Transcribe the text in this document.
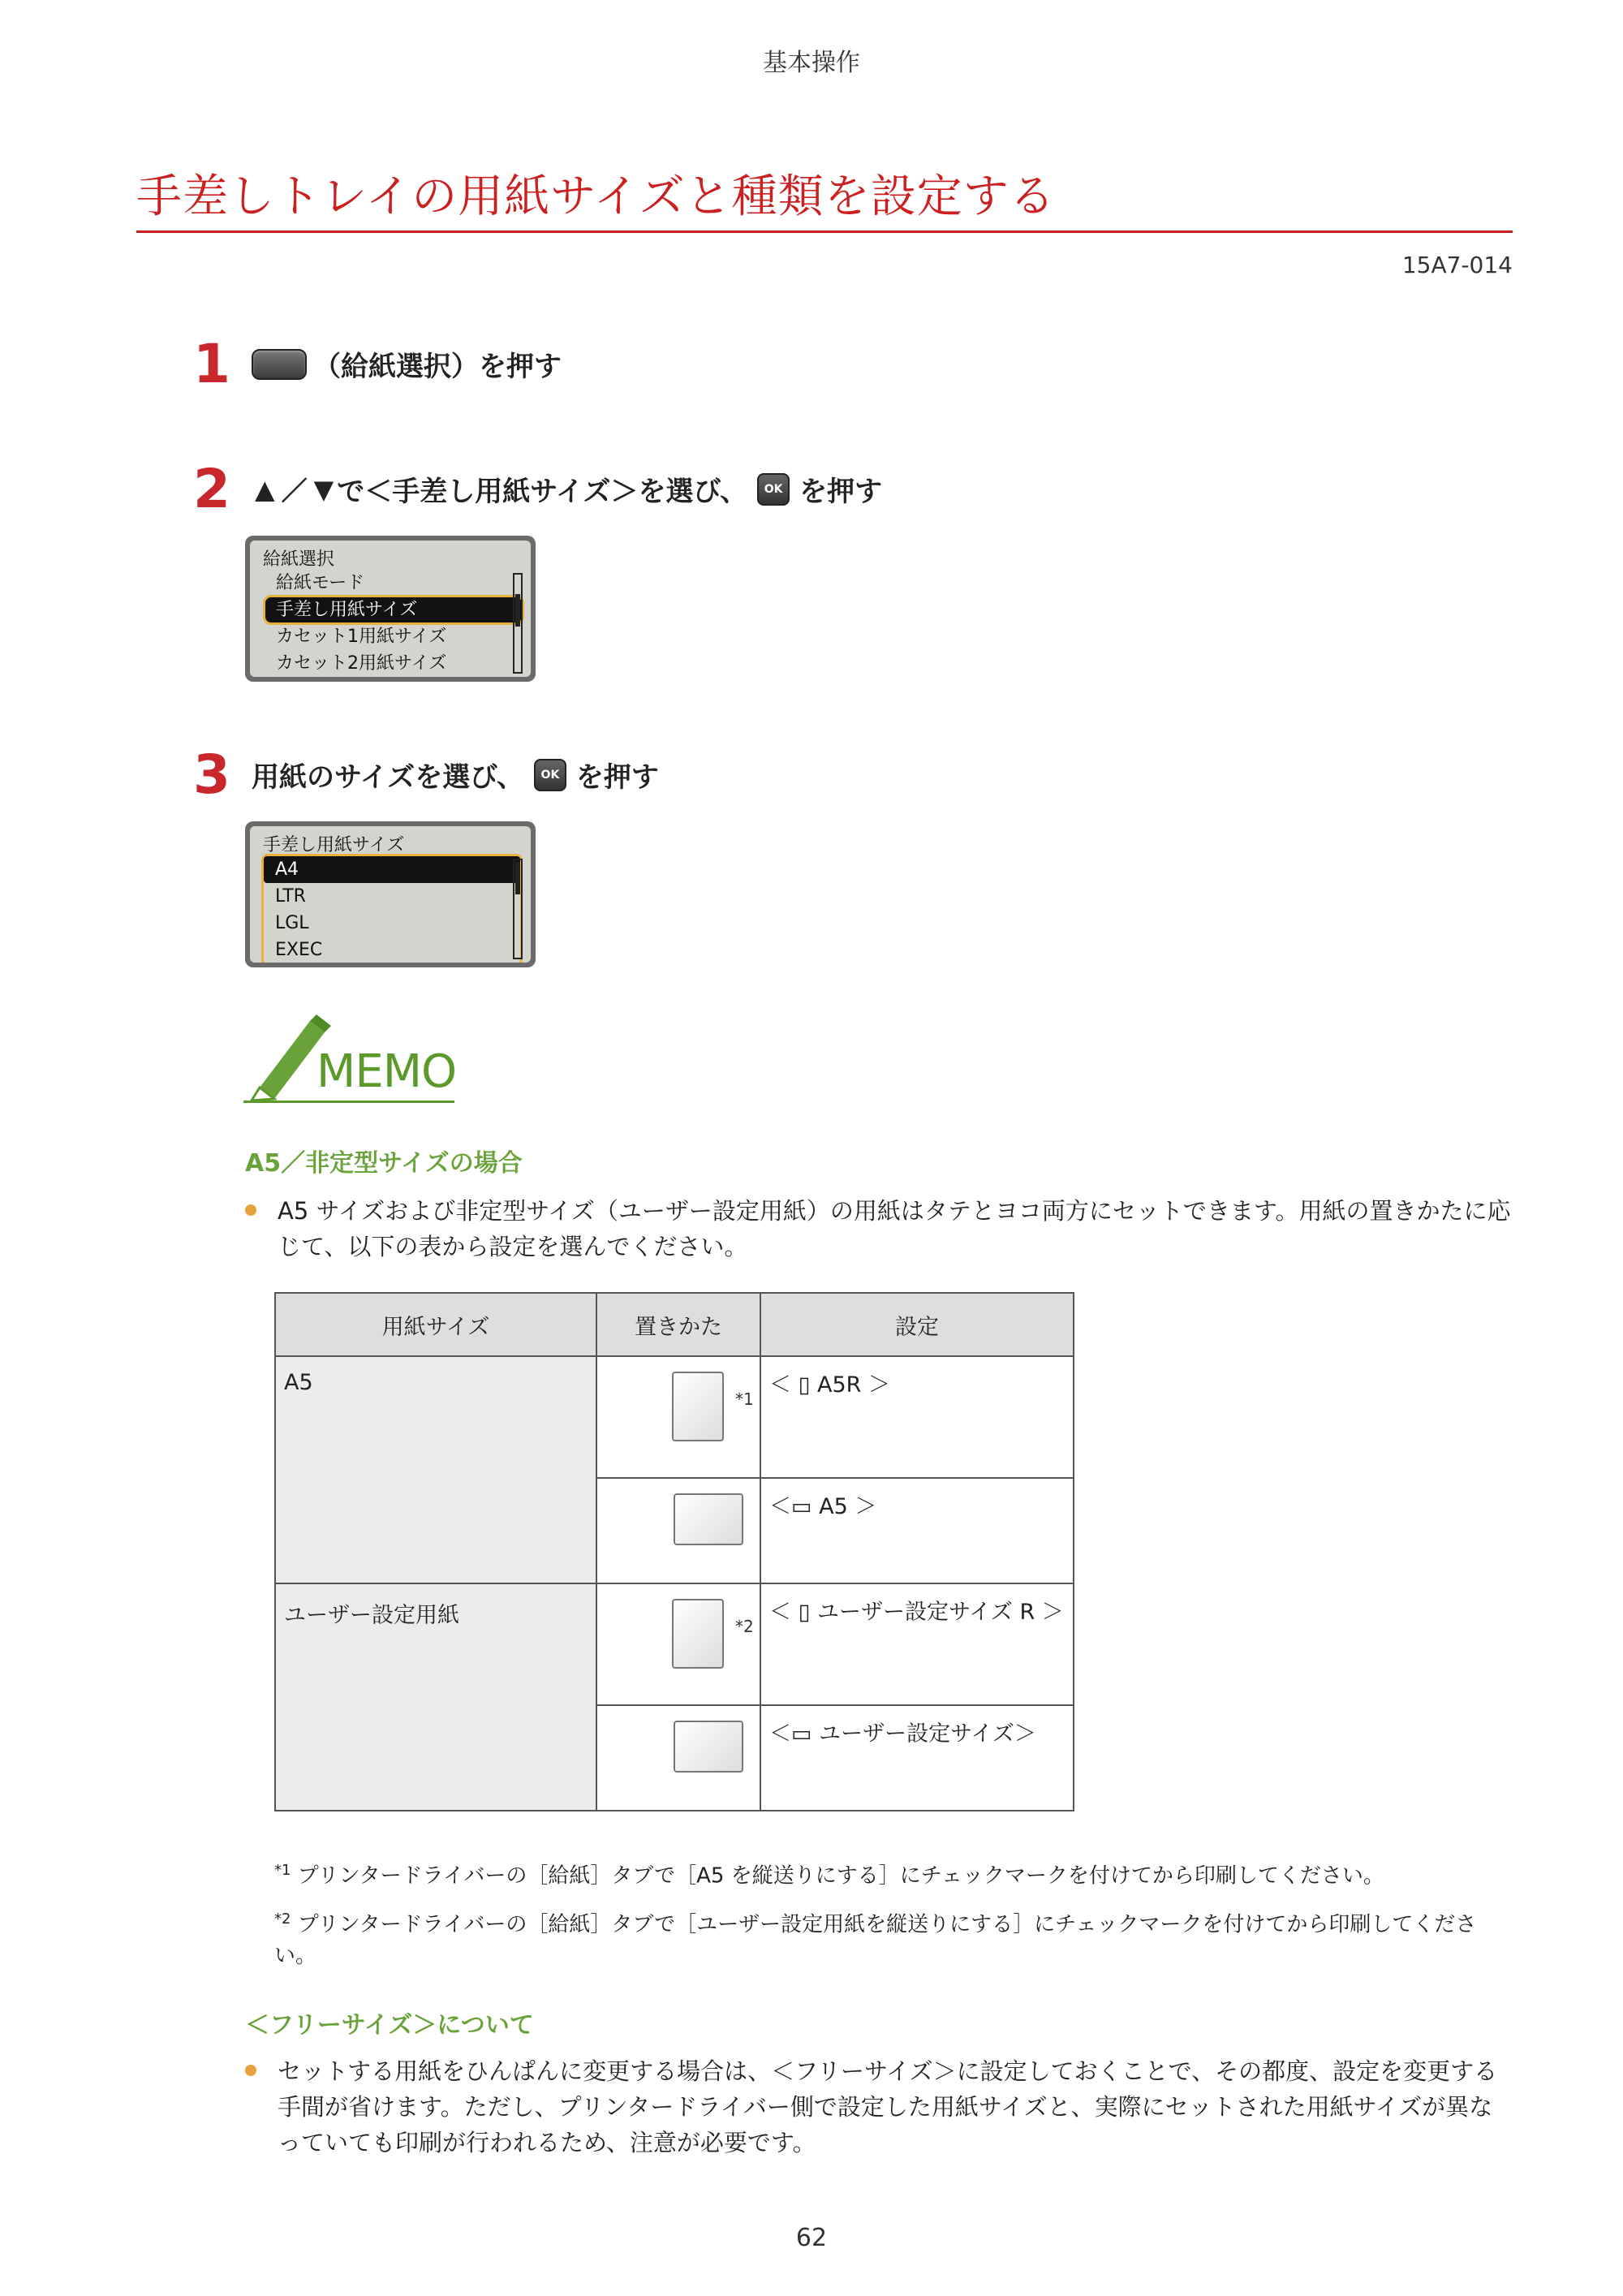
基本操作
手差しトレイの用紙サイズと種類を設定する
15A7-014
1	（給紙選択）を押す
2 ▲ ／ ▼ で＜手差し用紙サイズ＞を選び、	OK を押す
給紙選択
給紙モード
手差し用紙サイズ
カセット1用紙サイズ
カセット2用紙サイズ
3 用紙のサイズを選び、	OK を押す
手差し用紙サイズ
A4
LTR
LGL
EXEC
MEMO
A5／非定型サイズの場合
A5 サイズおよび非定型サイズ（ユーザー設定用紙）の用紙はタテとヨコ両方にセットできます。用紙の置きかたに応じて、以下の表から設定を選んでください。
用紙サイズ	置きかた	設定

A5	*1	＜ ▯ A5R ＞

		＜▭ A5 ＞

ユーザー設定用紙	*2	＜ ▯ ユーザー設定サイズ R ＞

		＜▭ ユーザー設定サイズ＞
$^{*1}$ プリンタードライバーの［給紙］タブで［A5 を縦送りにする］にチェックマークを付けてから印刷してください。
$^{*2}$ プリンタードライバーの［給紙］タブで［ユーザー設定用紙を縦送りにする］にチェックマークを付けてから印刷してください。
＜フリーサイズ＞について
セットする用紙をひんぱんに変更する場合は、＜フリーサイズ＞に設定しておくことで、その都度、設定を変更する手間が省けます。ただし、プリンタードライバー側で設定した用紙サイズと、実際にセットされた用紙サイズが異なっていても印刷が行われるため、注意が必要です。
62
